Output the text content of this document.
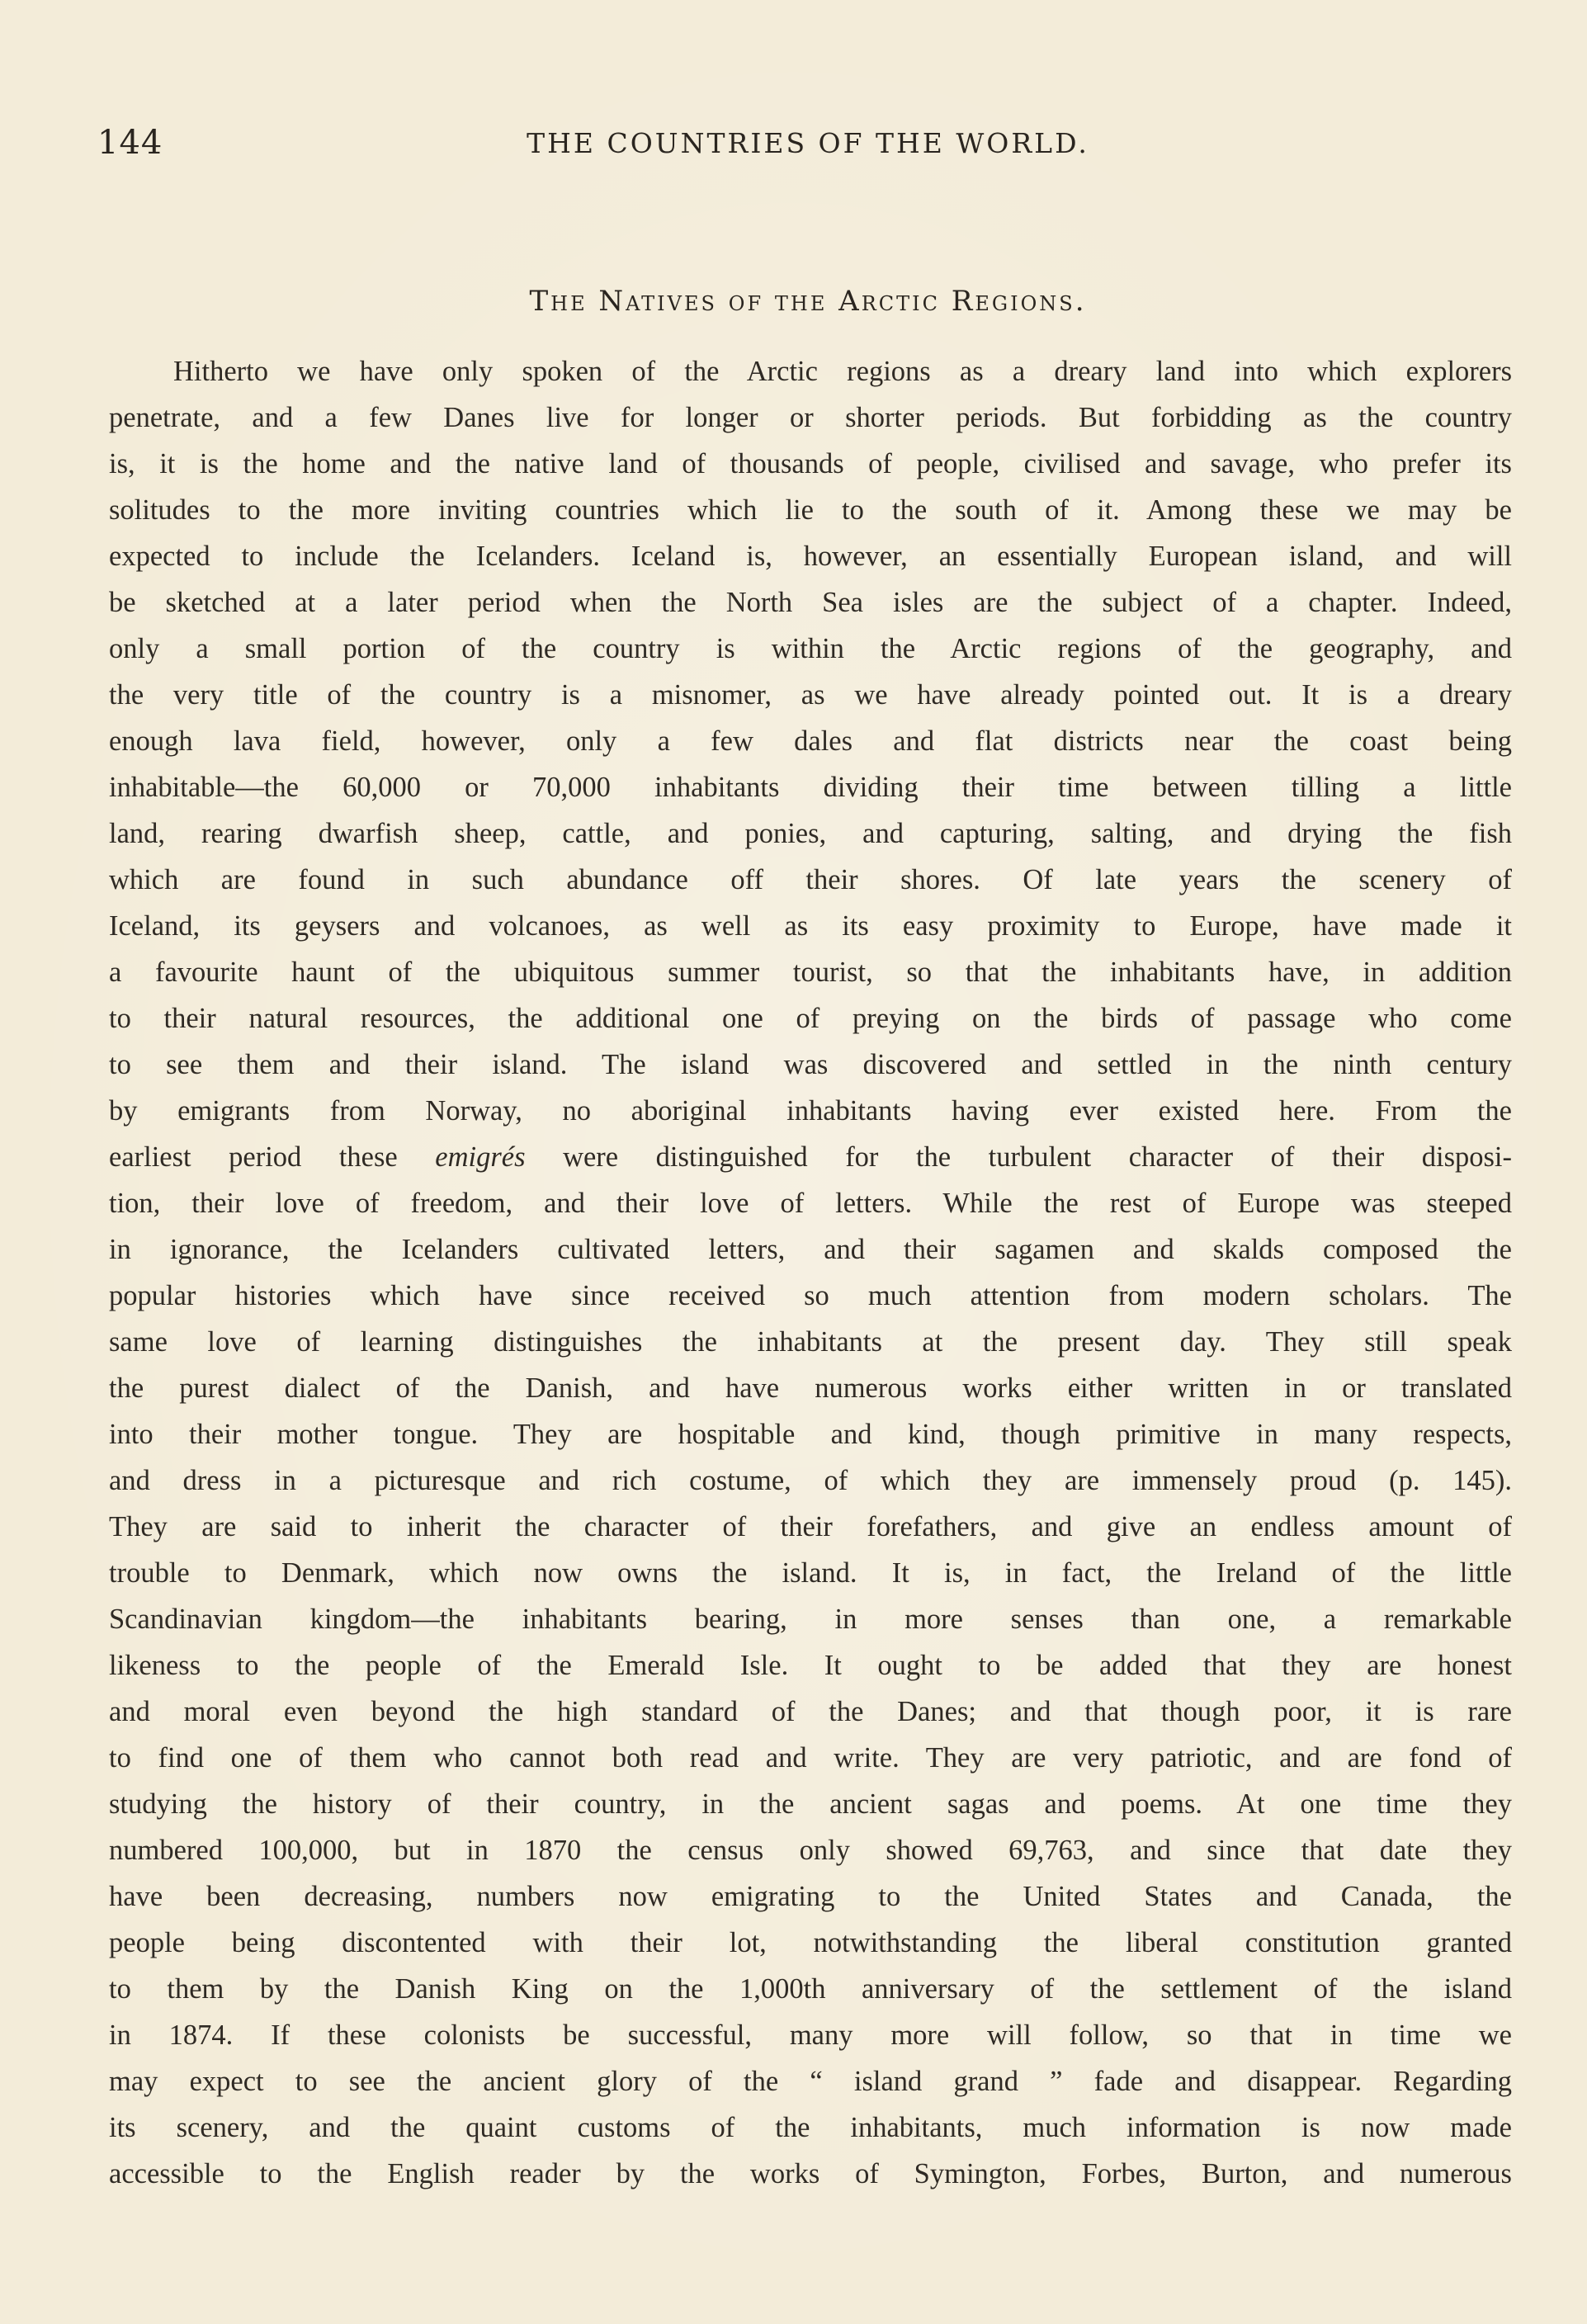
144	THE COUNTRIES OF THE WORLD.
The Natives of the Arctic Regions.
Hitherto we have only spoken of the Arctic regions as a dreary land into which explorers
penetrate, and a few Danes live for longer or shorter periods. But forbidding as the country
is, it is the home and the native land of thousands of people, civilised and savage, who prefer its
solitudes to the more inviting countries which lie to the south of it. Among these we may be
expected to include the Icelanders. Iceland is, however, an essentially European island, and will
be sketched at a later period when the North Sea isles are the subject of a chapter. Indeed,
only a small portion of the country is within the Arctic regions of the geography, and
the very title of the country is a misnomer, as we have already pointed out. It is a dreary
enough lava field, however, only a few dales and flat districts near the coast being
inhabitable—the 60,000 or 70,000 inhabitants dividing their time between tilling a little
land, rearing dwarfish sheep, cattle, and ponies, and capturing, salting, and drying the fish
which are found in such abundance off their shores. Of late years the scenery of
Iceland, its geysers and volcanoes, as well as its easy proximity to Europe, have made it
a favourite haunt of the ubiquitous summer tourist, so that the inhabitants have, in addition
to their natural resources, the additional one of preying on the birds of passage who come
to see them and their island. The island was discovered and settled in the ninth century
by emigrants from Norway, no aboriginal inhabitants having ever existed here. From the
earliest period these emigrés were distinguished for the turbulent character of their disposi-
tion, their love of freedom, and their love of letters. While the rest of Europe was steeped
in ignorance, the Icelanders cultivated letters, and their sagamen and skalds composed the
popular histories which have since received so much attention from modern scholars. The
same love of learning distinguishes the inhabitants at the present day. They still speak
the purest dialect of the Danish, and have numerous works either written in or translated
into their mother tongue. They are hospitable and kind, though primitive in many respects,
and dress in a picturesque and rich costume, of which they are immensely proud (p. 145).
They are said to inherit the character of their forefathers, and give an endless amount of
trouble to Denmark, which now owns the island. It is, in fact, the Ireland of the little
Scandinavian kingdom—the inhabitants bearing, in more senses than one, a remarkable
likeness to the people of the Emerald Isle. It ought to be added that they are honest
and moral even beyond the high standard of the Danes; and that though poor, it is rare
to find one of them who cannot both read and write. They are very patriotic, and are fond of
studying the history of their country, in the ancient sagas and poems. At one time they
numbered 100,000, but in 1870 the census only showed 69,763, and since that date they
have been decreasing, numbers now emigrating to the United States and Canada, the
people being discontented with their lot, notwithstanding the liberal constitution granted
to them by the Danish King on the 1,000th anniversary of the settlement of the island
in 1874. If these colonists be successful, many more will follow, so that in time we
may expect to see the ancient glory of the “ island grand ” fade and disappear. Regarding
its scenery, and the quaint customs of the inhabitants, much information is now made
accessible to the English reader by the works of Symington, Forbes, Burton, and numerous
